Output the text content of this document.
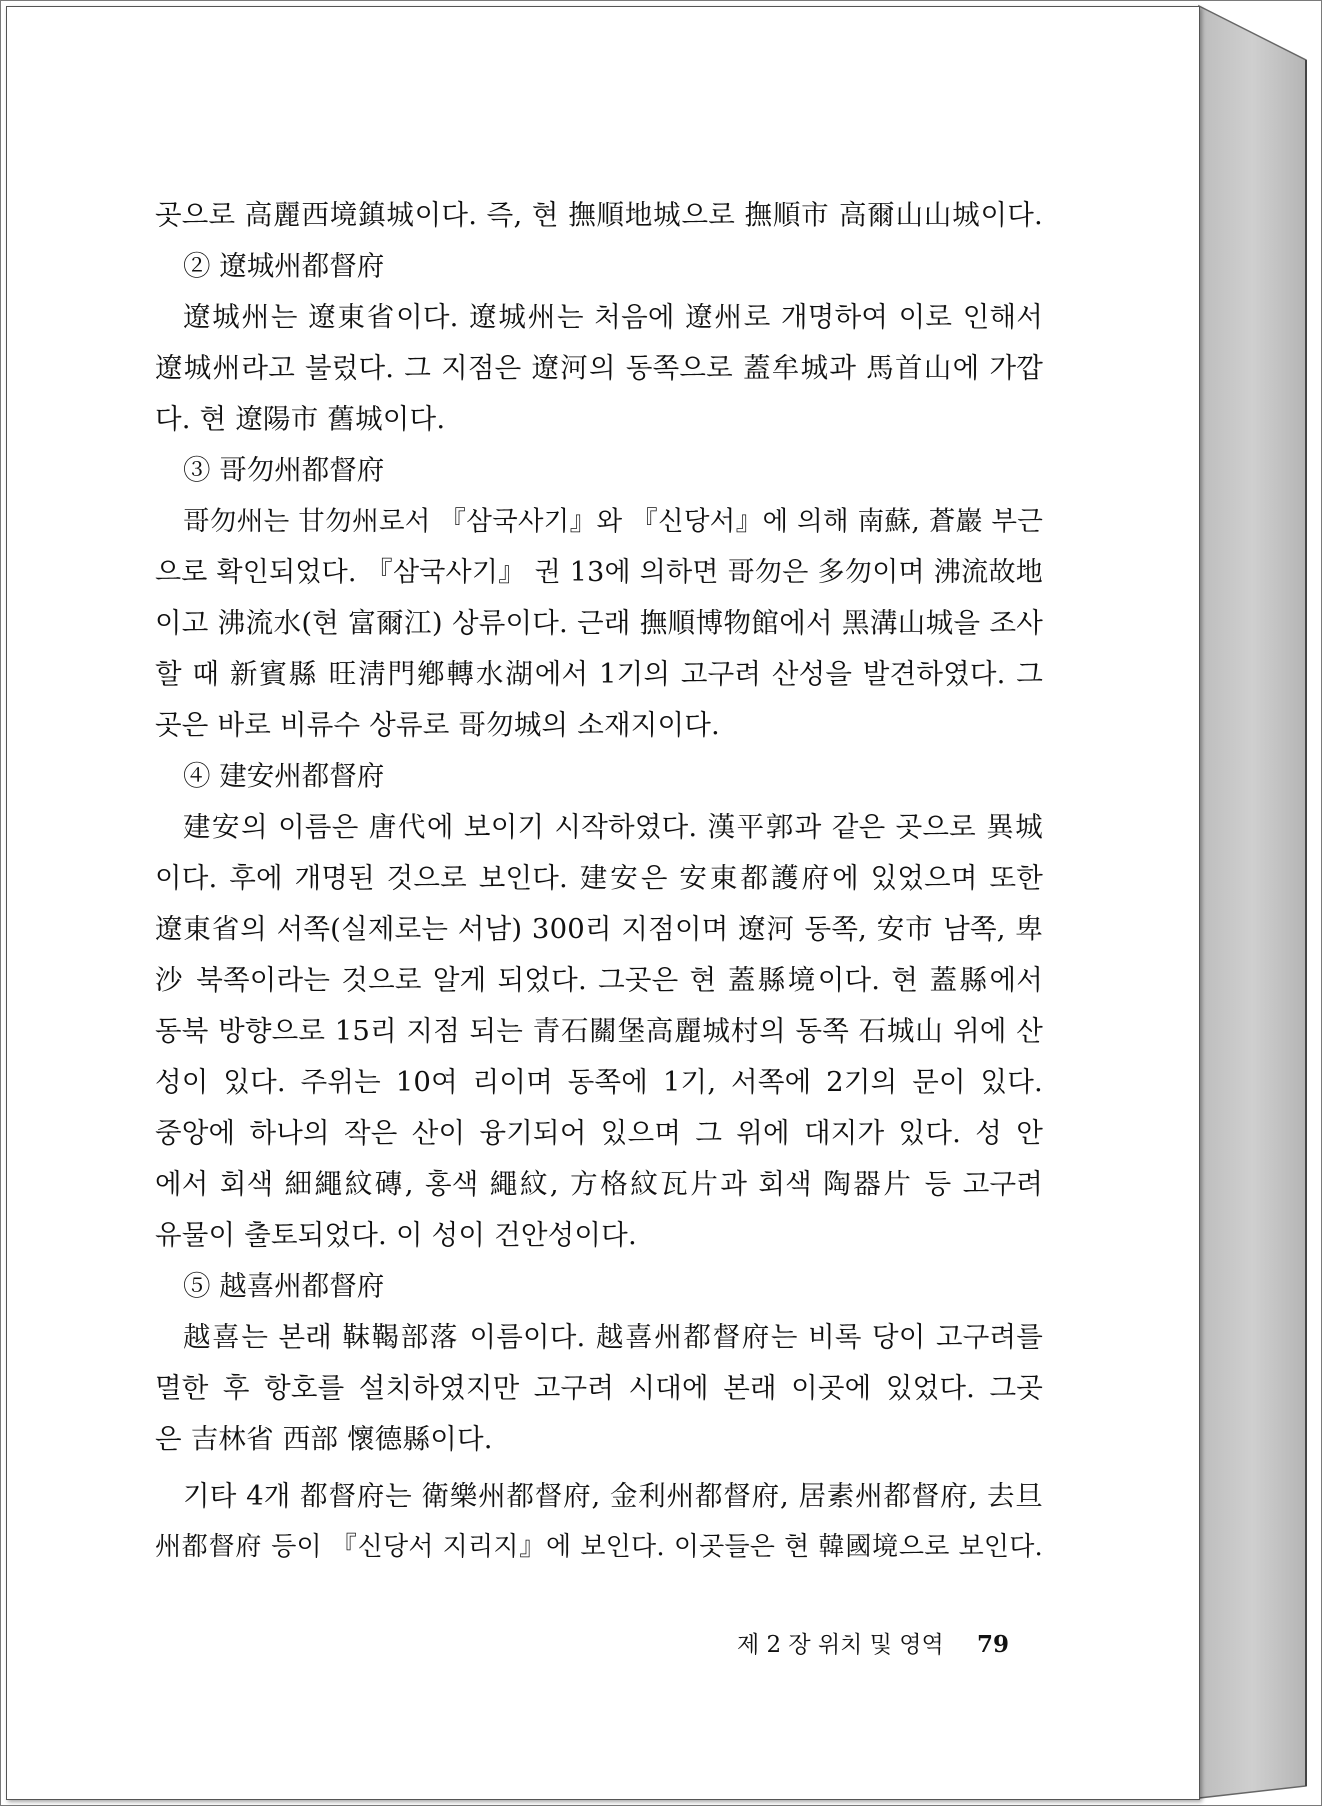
곳으로 高麗西境鎮城이다. 즉, 현 撫順地城으로 撫順市 高爾山山城이다.
② 遼城州都督府
遼城州는 遼東省이다. 遼城州는 처음에 遼州로 개명하여 이로 인해서
遼城州라고 불렀다. 그 지점은 遼河의 동쪽으로 蓋牟城과 馬首山에 가깝
다. 현 遼陽市 舊城이다.
③ 哥勿州都督府
哥勿州는 甘勿州로서 『삼국사기』와 『신당서』에 의해 南蘇, 蒼巖 부근
으로 확인되었다. 『삼국사기』 권 13에 의하면 哥勿은 多勿이며 沸流故地
이고 沸流水(현 富爾江) 상류이다. 근래 撫順博物館에서 黑溝山城을 조사
할 때 新賓縣 旺淸門鄕轉水湖에서 1기의 고구려 산성을 발견하였다. 그
곳은 바로 비류수 상류로 哥勿城의 소재지이다.
④ 建安州都督府
建安의 이름은 唐代에 보이기 시작하였다. 漢平郭과 같은 곳으로 異城
이다. 후에 개명된 것으로 보인다. 建安은 安東都護府에 있었으며 또한
遼東省의 서쪽(실제로는 서남) 300리 지점이며 遼河 동쪽, 安市 남쪽, 卑
沙 북쪽이라는 것으로 알게 되었다. 그곳은 현 蓋縣境이다. 현 蓋縣에서
동북 방향으로 15리 지점 되는 青石關堡高麗城村의 동쪽 石城山 위에 산
성이 있다. 주위는 10여 리이며 동쪽에 1기, 서쪽에 2기의 문이 있다.
중앙에 하나의 작은 산이 융기되어 있으며 그 위에 대지가 있다. 성 안
에서 회색 細繩紋磚, 홍색 繩紋, 方格紋瓦片과 회색 陶器片 등 고구려
유물이 출토되었다. 이 성이 건안성이다.
⑤ 越喜州都督府
越喜는 본래 靺鞨部落 이름이다. 越喜州都督府는 비록 당이 고구려를
멸한 후 항호를 설치하였지만 고구려 시대에 본래 이곳에 있었다. 그곳
은 吉林省 西部 懷德縣이다.
기타 4개 都督府는 衛樂州都督府, 金利州都督府, 居素州都督府, 去旦
州都督府 등이 『신당서 지리지』에 보인다. 이곳들은 현 韓國境으로 보인다.
제 2 장 위치 및 영역 79
